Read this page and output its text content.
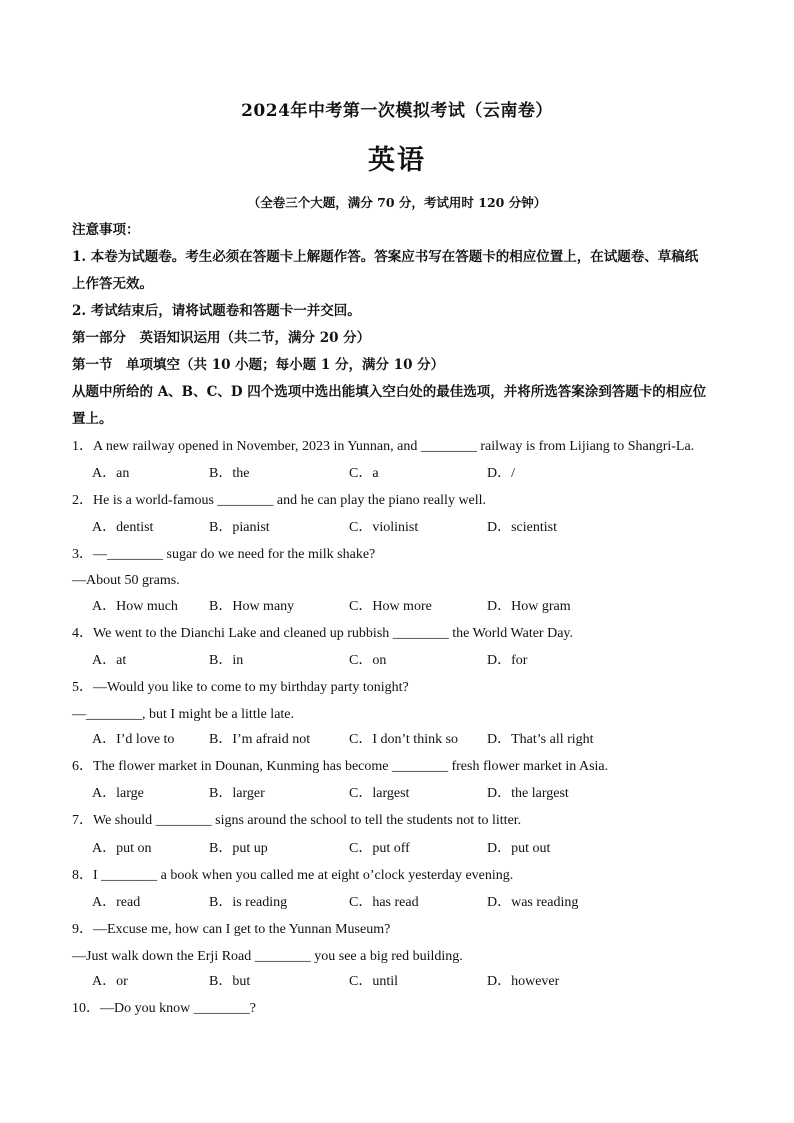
2024年中考第一次模拟考试（云南卷）
英语
（全卷三个大题，满分 70 分，考试用时 120 分钟）
注意事项：
1. 本卷为试题卷。考生必须在答题卡上解题作答。答案应书写在答题卡的相应位置上，在试题卷、草稿纸
上作答无效。
2. 考试结束后，请将试题卷和答题卡一并交回。
第一部分　英语知识运用（共二节，满分 20 分）
第一节　单项填空（共 10 小题；每小题 1 分，满分 10 分）
从题中所给的 A、B、C、D 四个选项中选出能填入空白处的最佳选项，并将所选答案涂到答题卡的相应位
置上。
1．A new railway opened in November, 2023 in Yunnan, and ________ railway is from Lijiang to Shangri-La.
A．an	B．the	C．a	D．/
2．He is a world-famous ________ and he can play the piano really well.
A．dentist	B．pianist	C．violinist	D．scientist
3．—________ sugar do we need for the milk shake?
—About 50 grams.
A．How much B．How many	C．How more	D．How gram
4．We went to the Dianchi Lake and cleaned up rubbish ________ the World Water Day.
A．at	B．in	C．on	D．for
5．—Would you like to come to my birthday party tonight?
—________, but I might be a little late.
A．I’d love to B．I’m afraid not	C．I don’t think so D．That’s all right
6．The flower market in Dounan, Kunming has become ________ fresh flower market in Asia.
A．large	B．larger	C．largest	D．the largest
7．We should ________ signs around the school to tell the students not to litter.
A．put on	B．put up	C．put off	D．put out
8．I ________ a book when you called me at eight o’clock yesterday evening.
A．read	B．is reading	C．has read	D．was reading
9．—Excuse me, how can I get to the Yunnan Museum?
—Just walk down the Erji Road ________ you see a big red building.
A．or	B．but	C．until	D．however
10．—Do you know ________?
